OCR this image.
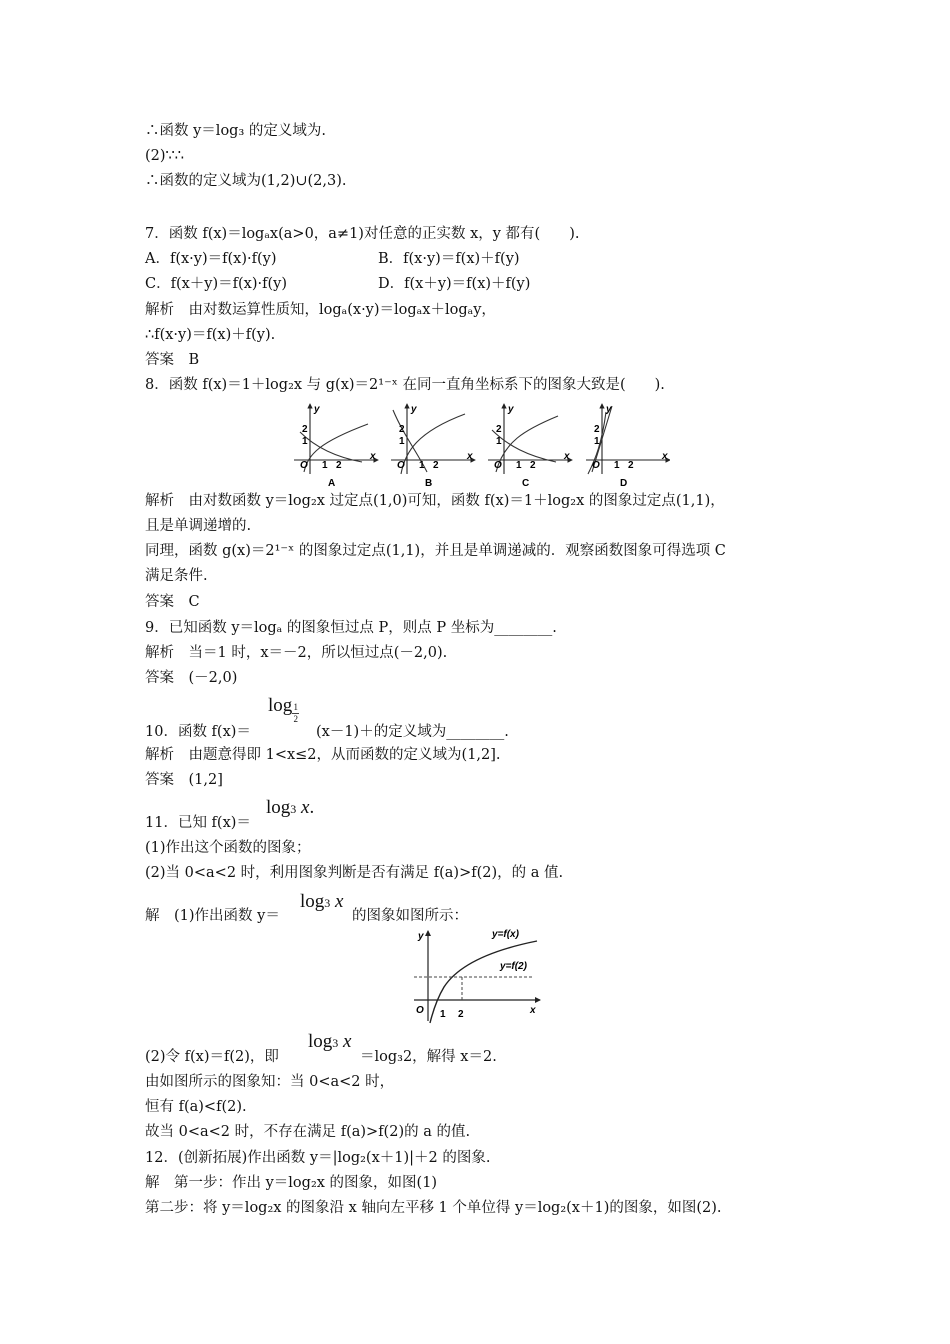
∴函数 y＝log₃ 的定义域为.
(2)∵∴
∴函数的定义域为(1,2)∪(2,3).
7．函数 f(x)＝logₐx(a>0，a≠1)对任意的正实数 x，y 都有(　　).
A．f(x·y)＝f(x)·f(y)	B．f(x·y)＝f(x)＋f(y)
C．f(x＋y)＝f(x)·f(y)	D．f(x＋y)＝f(x)＋f(y)
解析　由对数运算性质知，logₐ(x·y)＝logₐx＋logₐy，
∴f(x·y)＝f(x)＋f(y).
答案　B
8．函数 f(x)＝1＋log₂x 与 g(x)＝2¹⁻ˣ 在同一直角坐标系下的图象大致是(　　).
y
x
O 1 2
1
2
A
y
x
O 1 2
1
2
B
y
x
O 1 2
1
2
C
y
x
O 1 2
1
2
D
解析　由对数函数 y＝log₂x 过定点(1,0)可知，函数 f(x)＝1＋log₂x 的图象过定点(1,1)，
且是单调递增的.
同理，函数 g(x)＝2¹⁻ˣ 的图象过定点(1,1)，并且是单调递减的．观察函数图象可得选项 C
满足条件.
答案　C
9．已知函数 y＝logₐ 的图象恒过点 P，则点 P 坐标为________.
解析　当＝1 时，x＝－2，所以恒过点(－2,0).
答案　(－2,0)
$\log \frac{1}{2}$
10．函数 f(x)＝	(x－1)＋的定义域为________.
解析　由题意得即 1<x≤2，从而函数的定义域为(1,2].
答案　(1,2]
log3 x.
11．已知 f(x)＝
(1)作出这个函数的图象；
(2)当 0<a<2 时，利用图象判断是否有满足 f(a)>f(2)，的 a 值.
log3 x
解　(1)作出函数 y＝	的图象如图所示：
y=f(x)
y=f(2)
y
x
O 1 2
log3 x
(2)令 f(x)＝f(2)，即	＝log₃2，解得 x＝2.
由如图所示的图象知：当 0<a<2 时，
恒有 f(a)<f(2).
故当 0<a<2 时，不存在满足 f(a)>f(2)的 a 的值.
12．(创新拓展)作出函数 y＝|log₂(x＋1)|＋2 的图象.
解　第一步：作出 y＝log₂x 的图象，如图(1)
第二步：将 y＝log₂x 的图象沿 x 轴向左平移 1 个单位得 y＝log₂(x＋1)的图象，如图(2).
